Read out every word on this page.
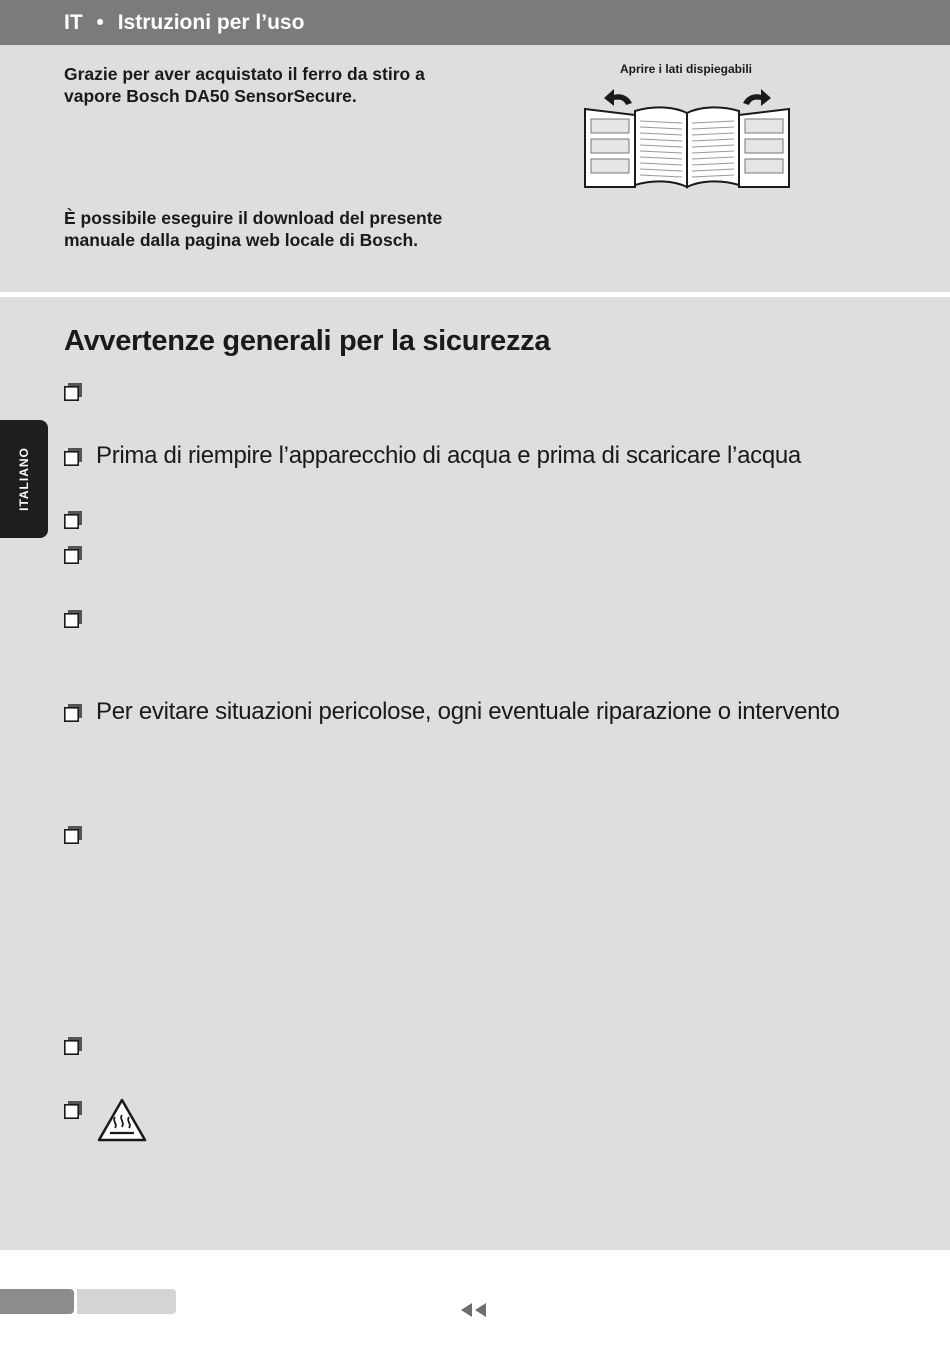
IT • Istruzioni per l’uso
Grazie per aver acquistato il ferro da stiro a vapore Bosch DA50 SensorSecure.
È possibile eseguire il download del presente manuale dalla pagina web locale di Bosch.
Aprire i lati dispiegabili
Avvertenze generali per la sicurezza
Prima di riempire l’apparecchio di acqua e prima di scaricare l’acqua
Per evitare situazioni pericolose, ogni eventuale riparazione o intervento
ITALIANO
